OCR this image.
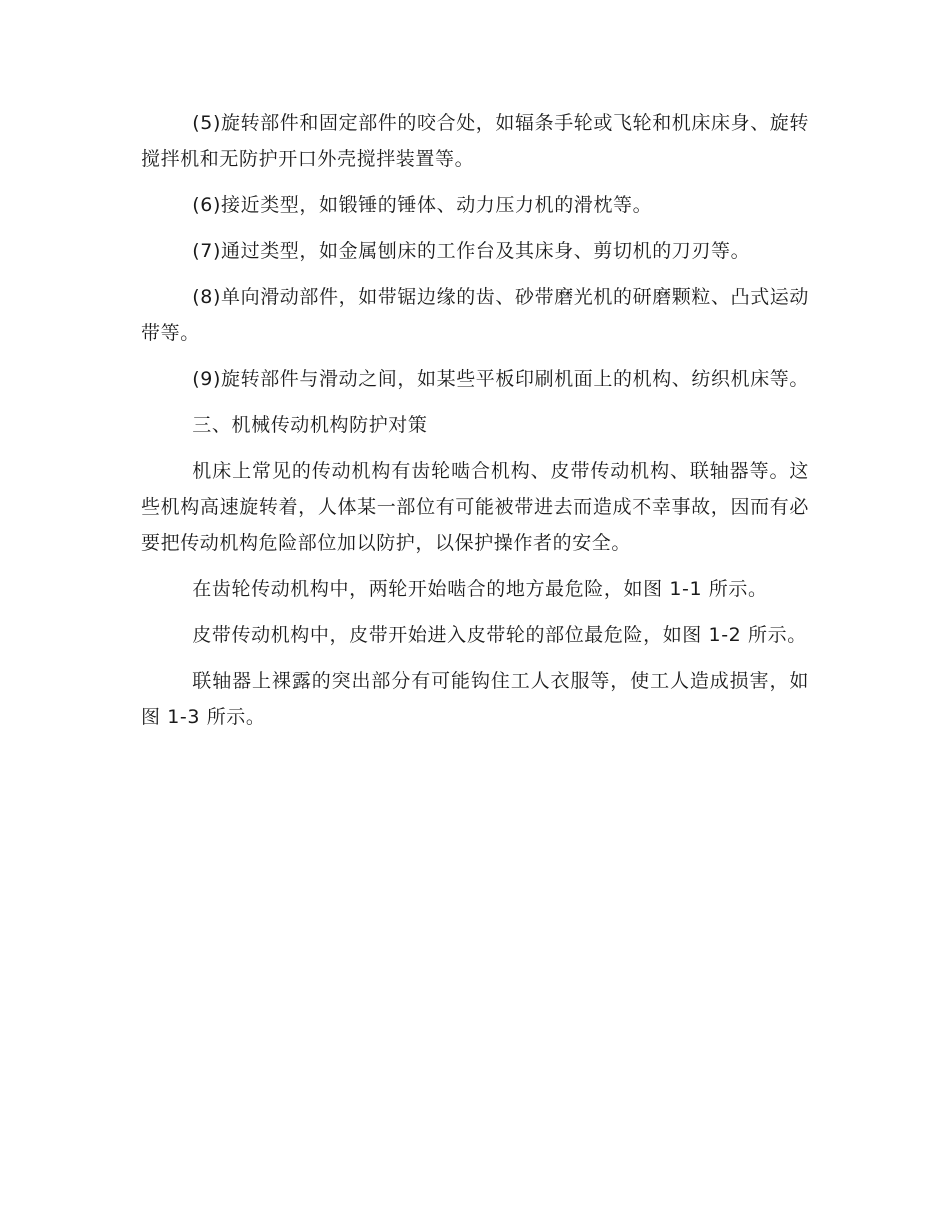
(5)旋转部件和固定部件的咬合处，如辐条手轮或飞轮和机床床身、旋转搅拌机和无防护开口外壳搅拌装置等。

(6)接近类型，如锻锤的锤体、动力压力机的滑枕等。

(7)通过类型，如金属刨床的工作台及其床身、剪切机的刀刃等。

(8)单向滑动部件，如带锯边缘的齿、砂带磨光机的研磨颗粒、凸式运动带等。

(9)旋转部件与滑动之间，如某些平板印刷机面上的机构、纺织机床等。

三、机械传动机构防护对策

机床上常见的传动机构有齿轮啮合机构、皮带传动机构、联轴器等。这些机构高速旋转着，人体某一部位有可能被带进去而造成不幸事故，因而有必要把传动机构危险部位加以防护，以保护操作者的安全。

在齿轮传动机构中，两轮开始啮合的地方最危险，如图 1-1 所示。

皮带传动机构中，皮带开始进入皮带轮的部位最危险，如图 1-2 所示。

联轴器上裸露的突出部分有可能钩住工人衣服等，使工人造成损害，如图 1-3 所示。
